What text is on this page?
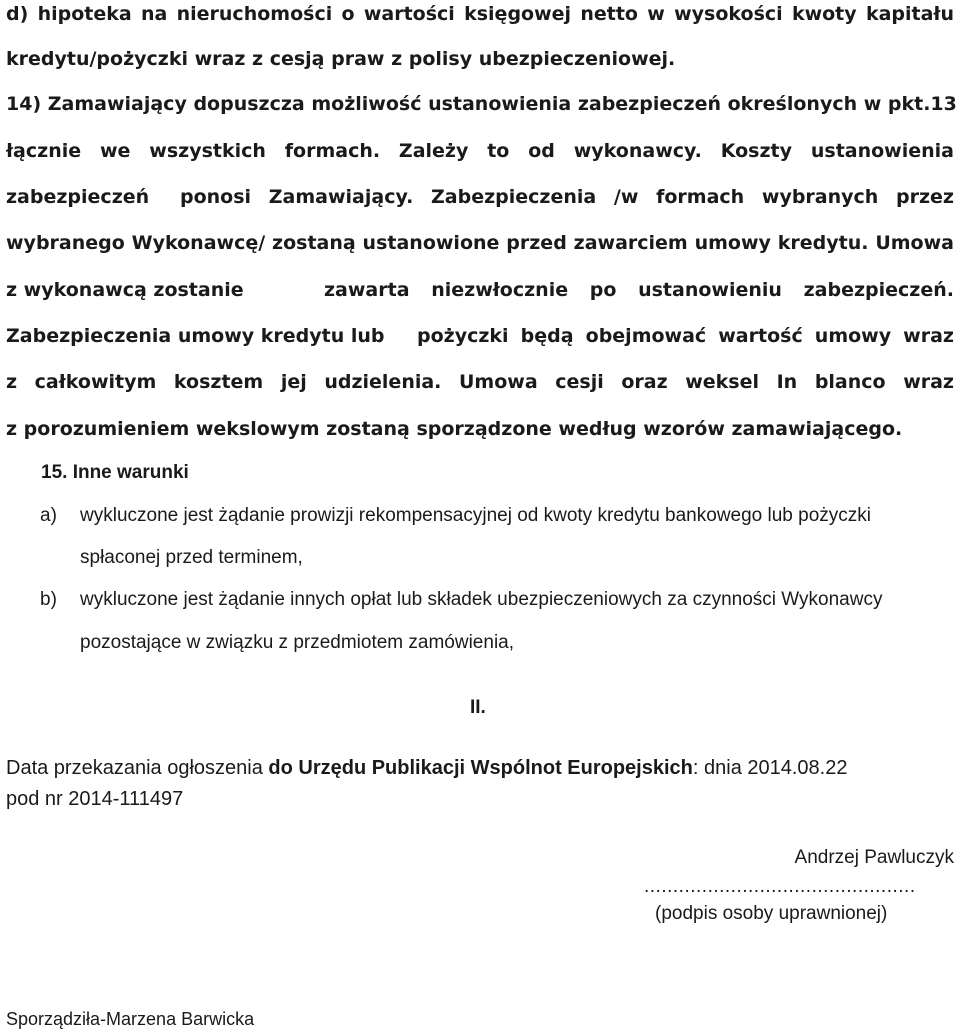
d) hipoteka na nieruchomości o wartości księgowej netto w wysokości kwoty kapitału
kredytu/pożyczki wraz z cesją praw z polisy ubezpieczeniowej.
14) Zamawiający dopuszcza możliwość ustanowienia zabezpieczeń określonych w pkt.13
łącznie we wszystkich formach. Zależy to od wykonawcy. Koszty ustanowienia
zabezpieczeń	ponosi Zamawiający. Zabezpieczenia /w formach wybranych przez
wybranego Wykonawcę/ zostaną ustanowione przed zawarciem umowy kredytu. Umowa
z wykonawcą zostanie	zawarta niezwłocznie po ustanowieniu zabezpieczeń.
Zabezpieczenia umowy kredytu lub	pożyczki będą obejmować wartość umowy wraz
z całkowitym kosztem jej udzielenia. Umowa cesji oraz weksel In blanco wraz
z porozumieniem wekslowym zostaną sporządzone według wzorów zamawiającego.
15. Inne warunki
a) wykluczone jest żądanie prowizji rekompensacyjnej od kwoty kredytu bankowego lub pożyczki
spłaconej przed terminem,
b) wykluczone jest żądanie innych opłat lub składek ubezpieczeniowych za czynności Wykonawcy
pozostające w związku z przedmiotem zamówienia,
II.
Data przekazania ogłoszenia do Urzędu Publikacji Wspólnot Europejskich: dnia 2014.08.22
pod nr 2014-111497
Andrzej Pawluczyk
...............................................
(podpis osoby uprawnionej)
Sporządziła-Marzena Barwicka
